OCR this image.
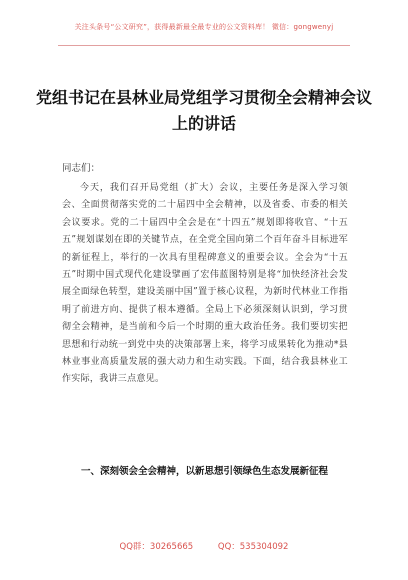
关注头条号“公文研究”，获得最新最全最专业的公文资料库！ 微信：gongwenyj
党组书记在县林业局党组学习贯彻全会精神会议上的讲话
同志们：
今天，我们召开局党组（扩大）会议，主要任务是深入学习领会、全面贯彻落实党的二十届四中全会精神，以及省委、市委的相关会议要求。党的二十届四中全会是在“十四五”规划即将收官、“十五五”规划谋划在即的关键节点，在全党全国向第二个百年奋斗目标进军的新征程上，举行的一次具有里程碑意义的重要会议。全会为“十五五”时期中国式现代化建设擘画了宏伟蓝图特别是将“加快经济社会发展全面绿色转型，建设美丽中国”置于核心议程，为新时代林业工作指明了前进方向、提供了根本遵循。全局上下必须深刻认识到，学习贯彻全会精神，是当前和今后一个时期的重大政治任务。我们要切实把思想和行动统一到党中央的决策部署上来，将学习成果转化为推动*县林业事业高质量发展的强大动力和生动实践。下面，结合我县林业工作实际，我讲三点意见。
一、深刻领会全会精神，以新思想引领绿色生态发展新征程
QQ群：30265665	QQ：535304092
